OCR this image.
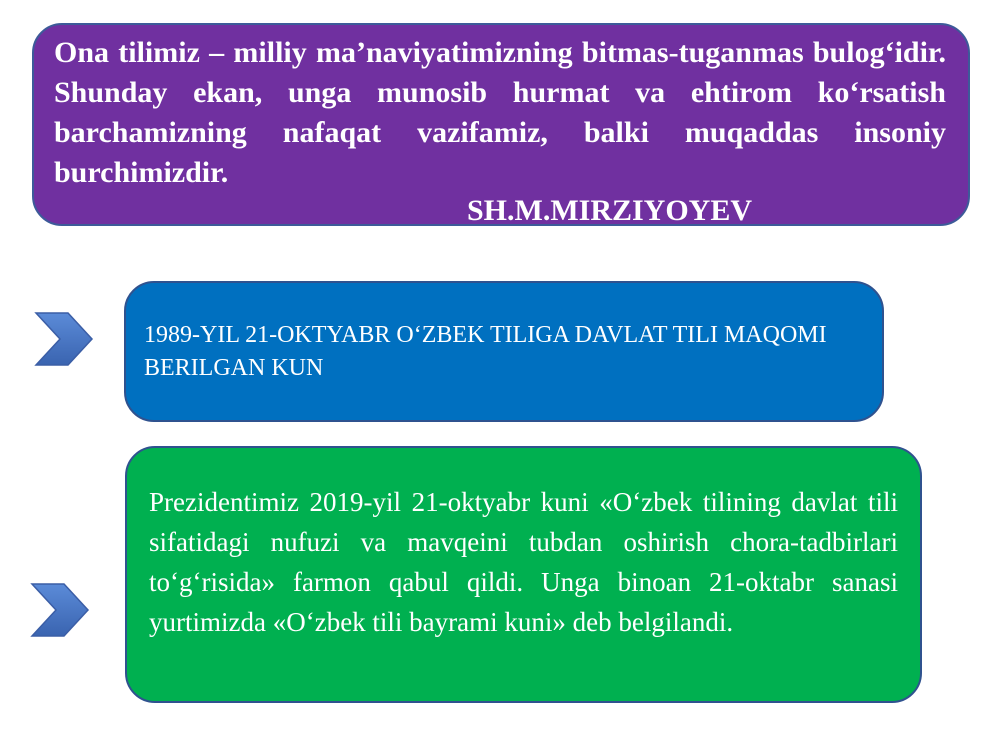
Ona tilimiz – milliy ma’naviyatimizning bitmas-tuganmas bulog‘idir. Shunday ekan, unga munosib hurmat va ehtirom ko‘rsatish barchamizning nafaqat vazifamiz, balki muqaddas insoniy burchimizdir.

SH.M.MIRZIYOYEV

1989-YIL 21-OKTYABR O‘ZBEK TILIGA DAVLAT TILI MAQOMI BERILGAN KUN

Prezidentimiz 2019-yil 21-oktyabr kuni «O‘zbek tilining davlat tili sifatidagi nufuzi va mavqeini tubdan oshirish chora-tadbirlari to‘g‘risida» farmon qabul qildi. Unga binoan 21-oktabr sanasi yurtimizda «O‘zbek tili bayrami kuni» deb belgilandi.
